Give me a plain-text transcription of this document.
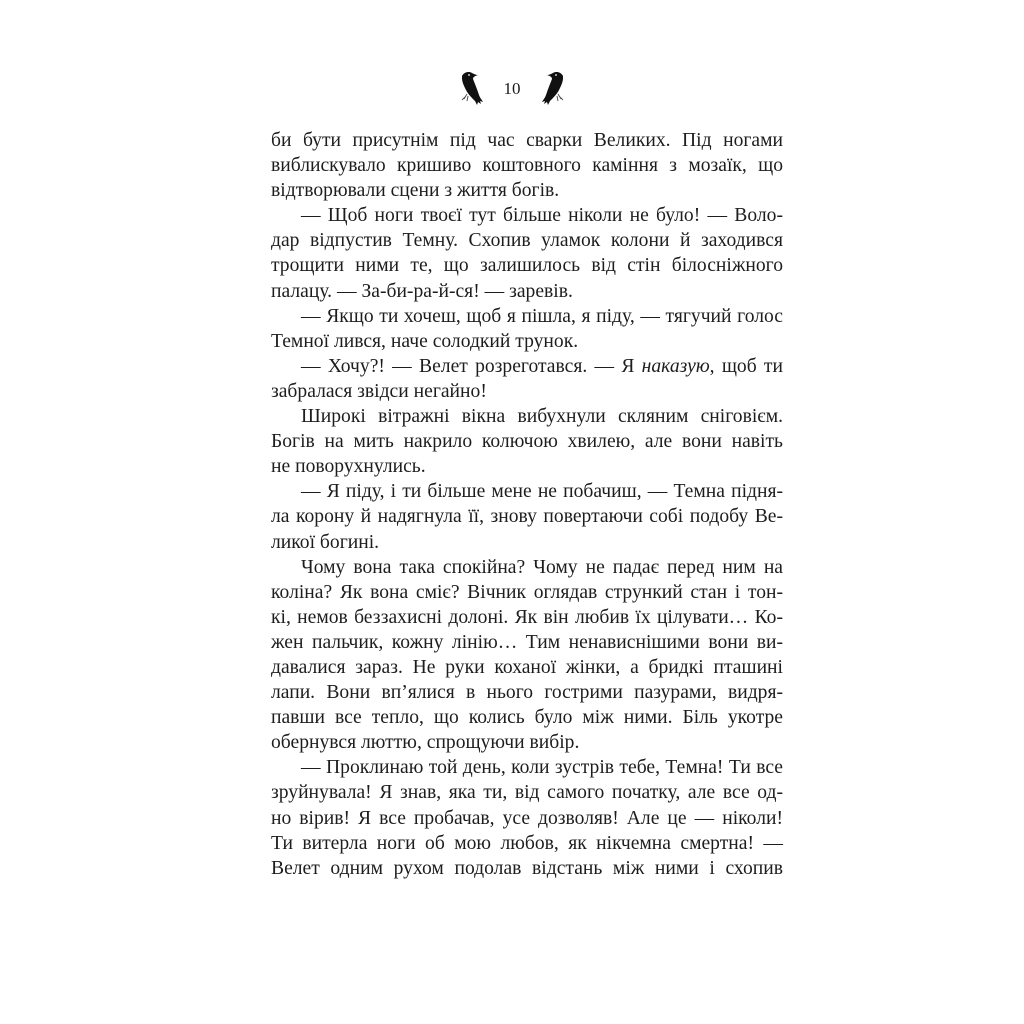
10
би бути присутнім під час сварки Великих. Під ногами
виблискувало кришиво коштовного каміння з мозаїк, що
відтворювали сцени з життя богів.
— Щоб ноги твоєї тут більше ніколи не було! — Воло-
дар відпустив Темну. Схопив уламок колони й заходився
трощити ними те, що залишилось від стін білосніжного
палацу. — За-би-ра-й-ся! — заревів.
— Якщо ти хочеш, щоб я пішла, я піду, — тягучий голос
Темної лився, наче солодкий трунок.
— Хочу?! — Велет розреготався. — Я наказую, щоб ти
забралася звідси негайно!
Широкі вітражні вікна вибухнули скляним сніговієм.
Богів на мить накрило колючою хвилею, але вони навіть
не поворухнулись.
— Я піду, і ти більше мене не побачиш, — Темна підня-
ла корону й надягнула її, знову повертаючи собі подобу Ве-
ликої богині.
Чому вона така спокійна? Чому не падає перед ним на
коліна? Як вона сміє? Вічник оглядав стрункий стан і тон-
кі, немов беззахисні долоні. Як він любив їх цілувати… Ко-
жен пальчик, кожну лінію… Тим ненависнішими вони ви-
давалися зараз. Не руки коханої жінки, а бридкі пташині
лапи. Вони вп’ялися в нього гострими пазурами, видря-
павши все тепло, що колись було між ними. Біль укотре
обернувся люттю, спрощуючи вибір.
— Проклинаю той день, коли зустрів тебе, Темна! Ти все
зруйнувала! Я знав, яка ти, від самого початку, але все од-
но вірив! Я все пробачав, усе дозволяв! Але це — ніколи!
Ти витерла ноги об мою любов, як нікчемна смертна! —
Велет одним рухом подолав відстань між ними і схопив
